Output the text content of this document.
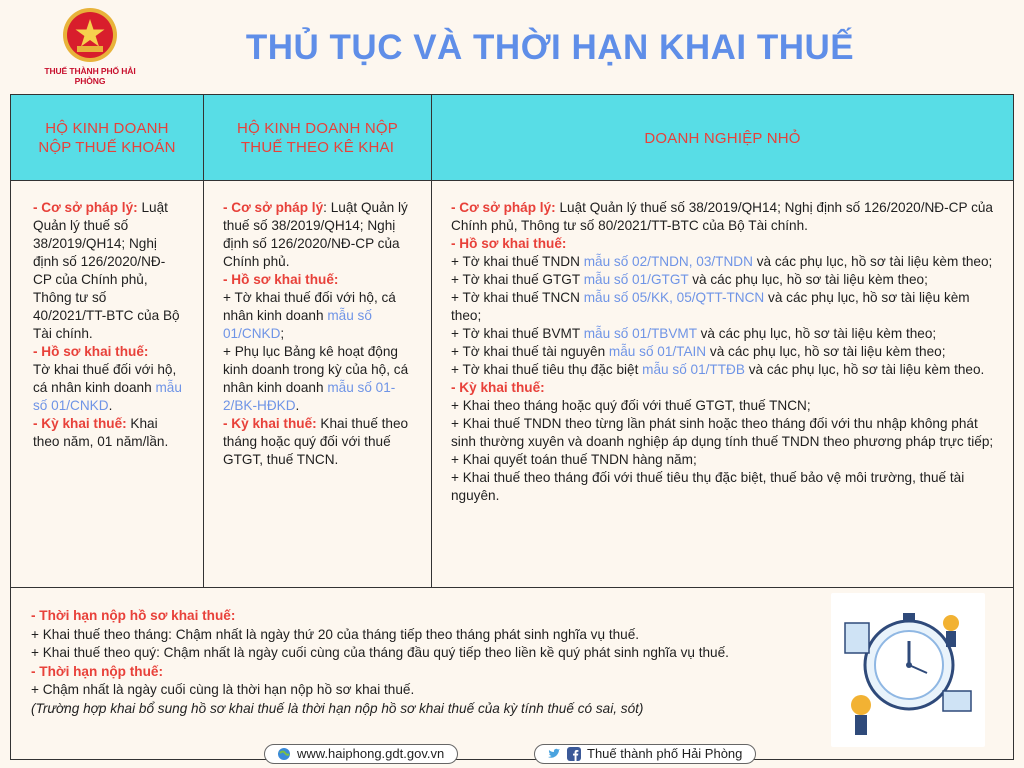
THUẾ THÀNH PHỐ HẢI PHÒNG
THỦ TỤC VÀ THỜI HẠN KHAI THUẾ
HỘ KINH DOANH NỘP THUẾ KHOÁN
HỘ KINH DOANH NỘP THUẾ THEO KÊ KHAI
DOANH NGHIỆP NHỎ
- Cơ sở pháp lý: Luật Quản lý thuế số 38/2019/QH14; Nghị định số 126/2020/NĐ-CP của Chính phủ, Thông tư số 40/2021/TT-BTC của Bộ Tài chính.
- Hồ sơ khai thuế:
Tờ khai thuế đối với hộ, cá nhân kinh doanh mẫu số 01/CNKD.
- Kỳ khai thuế: Khai theo năm, 01 năm/lần.
- Cơ sở pháp lý: Luật Quản lý thuế số 38/2019/QH14; Nghị định số 126/2020/NĐ-CP của Chính phủ.
- Hồ sơ khai thuế:
+ Tờ khai thuế đối với hộ, cá nhân kinh doanh mẫu số 01/CNKD;
+ Phụ lục Bảng kê hoạt động kinh doanh trong kỳ của hộ, cá nhân kinh doanh mẫu số 01-2/BK-HĐKD.
- Kỳ khai thuế: Khai thuế theo tháng hoặc quý đối với thuế GTGT, thuế TNCN.
- Cơ sở pháp lý: Luật Quản lý thuế số 38/2019/QH14; Nghị định số 126/2020/NĐ-CP của Chính phủ, Thông tư số 80/2021/TT-BTC của Bộ Tài chính.
- Hồ sơ khai thuế:
+ Tờ khai thuế TNDN mẫu số 02/TNDN, 03/TNDN và các phụ lục, hồ sơ tài liệu kèm theo;
+ Tờ khai thuế GTGT mẫu số 01/GTGT và các phụ lục, hồ sơ tài liệu kèm theo;
+ Tờ khai thuế TNCN mẫu số 05/KK, 05/QTT-TNCN và các phụ lục, hồ sơ tài liệu kèm theo;
+ Tờ khai thuế BVMT mẫu số 01/TBVMT và các phụ lục, hồ sơ tài liệu kèm theo;
+ Tờ khai thuế tài nguyên mẫu số 01/TAIN và các phụ lục, hồ sơ tài liệu kèm theo;
+ Tờ khai thuế tiêu thụ đặc biệt mẫu số 01/TTĐB và các phụ lục, hồ sơ tài liệu kèm theo.
- Kỳ khai thuế:
+ Khai theo tháng hoặc quý đối với thuế GTGT, thuế TNCN;
+ Khai thuế TNDN theo từng lần phát sinh hoặc theo tháng đối với thu nhập không phát sinh thường xuyên và doanh nghiệp áp dụng tính thuế TNDN theo phương pháp trực tiếp;
+ Khai quyết toán thuế TNDN hàng năm;
+ Khai thuế theo tháng đối với thuế tiêu thụ đặc biệt, thuế bảo vệ môi trường, thuế tài nguyên.
- Thời hạn nộp hồ sơ khai thuế:
+ Khai thuế theo tháng: Chậm nhất là ngày thứ 20 của tháng tiếp theo tháng phát sinh nghĩa vụ thuế.
+ Khai thuế theo quý: Chậm nhất là ngày cuối cùng của tháng đầu quý tiếp theo liền kề quý phát sinh nghĩa vụ thuế.
- Thời hạn nộp thuế:
+ Chậm nhất là ngày cuối cùng là thời hạn nộp hồ sơ khai thuế.
(Trường hợp khai bổ sung hồ sơ khai thuế là thời hạn nộp hồ sơ khai thuế của kỳ tính thuế có sai, sót)
www.haiphong.gdt.gov.vn	Thuế thành phố Hải Phòng
